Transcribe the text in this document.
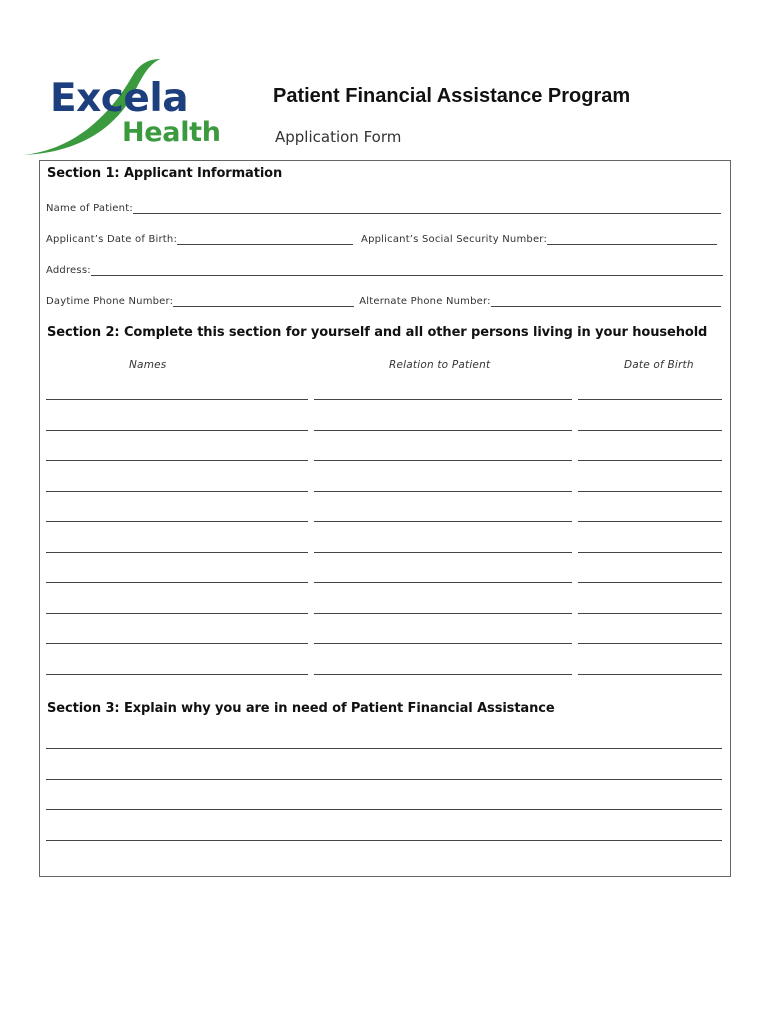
Excela
Health
Patient Financial Assistance Program
Application Form
Section 1: Applicant Information
Name of Patient:
Applicant’s Date of Birth:	Applicant’s Social Security Number:
Address:
Daytime Phone Number:	Alternate Phone Number:
Section 2: Complete this section for yourself and all other persons living in your household
Names	Relation to Patient	Date of Birth
Section 3: Explain why you are in need of Patient Financial Assistance
